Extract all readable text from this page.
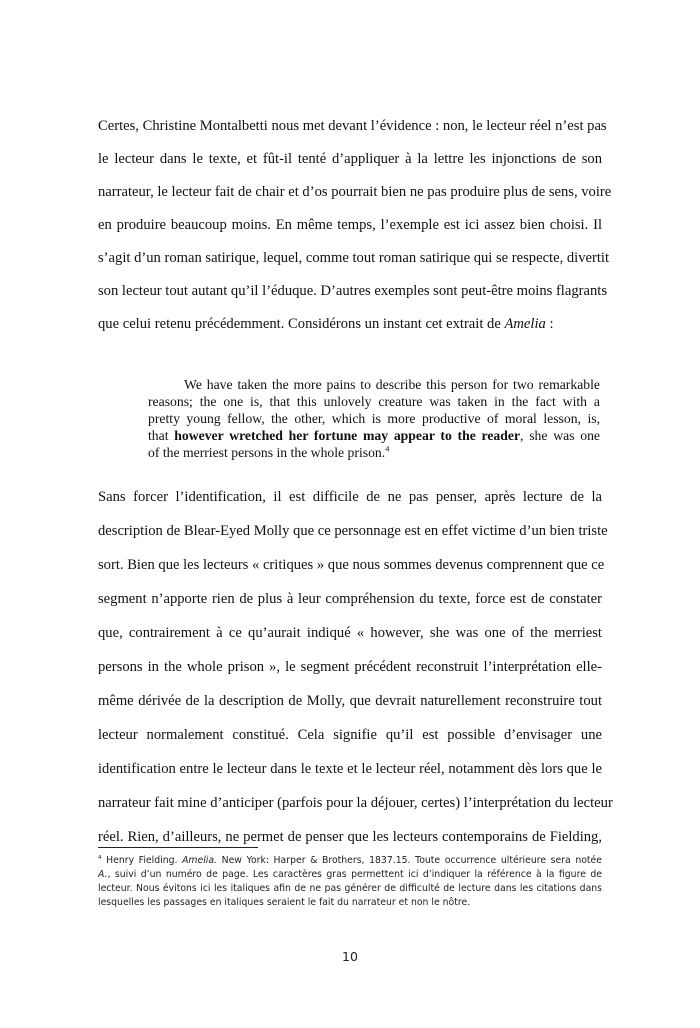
Certes, Christine Montalbetti nous met devant l’évidence : non, le lecteur réel n’est pas
le lecteur dans le texte, et fût-il tenté d’appliquer à la lettre les injonctions de son
narrateur, le lecteur fait de chair et d’os pourrait bien ne pas produire plus de sens, voire
en produire beaucoup moins. En même temps, l’exemple est ici assez bien choisi. Il
s’agit d’un roman satirique, lequel, comme tout roman satirique qui se respecte, divertit
son lecteur tout autant qu’il l’éduque. D’autres exemples sont peut-être moins flagrants
que celui retenu précédemment. Considérons un instant cet extrait de Amelia :
We have taken the more pains to describe this person for two remarkable
reasons; the one is, that this unlovely creature was taken in the fact with a
pretty young fellow, the other, which is more productive of moral lesson, is,
that however wretched her fortune may appear to the reader, she was one
of the merriest persons in the whole prison.$^4$
Sans forcer l’identification, il est difficile de ne pas penser, après lecture de la
description de Blear-Eyed Molly que ce personnage est en effet victime d’un bien triste
sort. Bien que les lecteurs « critiques » que nous sommes devenus comprennent que ce
segment n’apporte rien de plus à leur compréhension du texte, force est de constater
que, contrairement à ce qu’aurait indiqué « however, she was one of the merriest
persons in the whole prison », le segment précédent reconstruit l’interprétation elle-
même dérivée de la description de Molly, que devrait naturellement reconstruire tout
lecteur normalement constitué. Cela signifie qu’il est possible d’envisager une
identification entre le lecteur dans le texte et le lecteur réel, notamment dès lors que le
narrateur fait mine d’anticiper (parfois pour la déjouer, certes) l’interprétation du lecteur
réel. Rien, d’ailleurs, ne permet de penser que les lecteurs contemporains de Fielding,
$^4$ Henry Fielding. Amelia. New York: Harper & Brothers, 1837.15. Toute occurrence ultérieure sera notée
A., suivi d’un numéro de page. Les caractères gras permettent ici d’indiquer la référence à la figure de
lecteur. Nous évitons ici les italiques afin de ne pas générer de difficulté de lecture dans les citations dans
lesquelles les passages en italiques seraient le fait du narrateur et non le nôtre.
10
